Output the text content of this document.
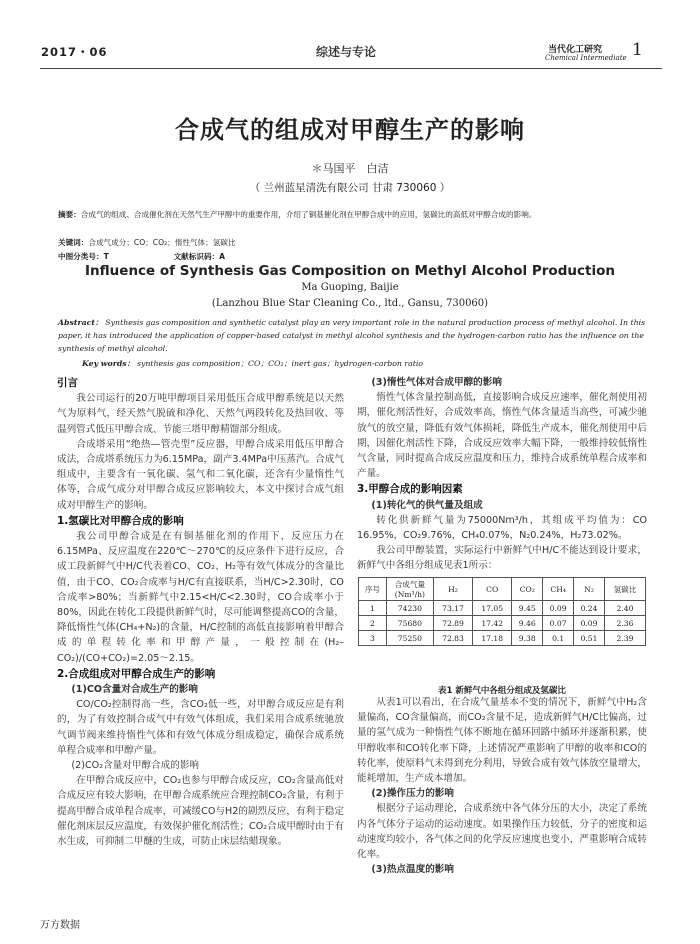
2017・06	综述与专论	当代化工研究
Chemical Intermediate 1
合成气的组成对甲醇生产的影响
＊马国平　白洁
（ 兰州蓝星清洗有限公司 甘肃 730060 ）
摘要：合成气的组成、合成催化剂在天然气生产甲醇中的重要作用，介绍了铜基催化剂在甲醇合成中的应用，氢碳比的高低对甲醇合成的影响。
关键词：合成气成分；CO；CO₂；惰性气体；氢碳比
中图分类号：T	文献标识码：A
Influence of Synthesis Gas Composition on Methyl Alcohol Production
Ma Guoping, Baijie
(Lanzhou Blue Star Cleaning Co., ltd., Gansu, 730060)
Abstract： Synthesis gas composition and synthetic catalyst play an very important role in the natural production process of methyl alcohol. In this paper, it has introduced the application of copper-based catalyst in methyl alcohol synthesis and the hydrogen-carbon ratio has the influence on the synthesis of methyl alcohol.
Key words： synthesis gas composition；CO；CO₂；inert gas；hydrogen-carbon ratio

引言

我公司运行的20万吨甲醇项目采用低压合成甲醇系统是以天然气为原料气，经天然气脱硫和净化、天然气两段转化及热回收、等温列管式低压甲醇合成、节能三塔甲醇精馏部分组成。

合成塔采用“绝热—管壳型”反应器，甲醇合成采用低压甲醇合成法，合成塔系统压力为6.15MPa，副产3.4MPa中压蒸汽。合成气组成中，主要含有一氧化碳、氢气和二氧化碳，还含有少量惰性气体等，合成气成分对甲醇合成反应影响较大，本文中探讨合成气组成对甲醇生产的影响。

1.氢碳比对甲醇合成的影响

我公司甲醇合成是在有铜基催化剂的作用下，反应压力在6.15MPa、反应温度在220℃～270℃的反应条件下进行反应，合成工段新鲜气中H/C代表着CO、CO₂、H₂等有效气体成分的含量比值，由于CO、CO₂合成率与H/C有直接联系，当H/C>2.30时，CO合成率>80%；当新鲜气中2.15<H/C<2.30时，CO合成率小于80%，因此在转化工段提供新鲜气时，尽可能调整提高CO的含量，降低惰性气体(CH₄+N₂)的含量，H/C控制的高低直接影响着甲醇合成的单程转化率和甲醇产量，一般控制在(H₂–CO₂)/(CO+CO₂)=2.05～2.15。

2.合成组成对甲醇合成生产的影响

(1)CO含量对合成生产的影响

CO/CO₂控制得高一些，含CO₂低一些，对甲醇合成反应是有利的，为了有效控制合成气中有效气体组成，我们采用合成系统驰放气调节阀来维持惰性气体和有效气体成分组成稳定，确保合成系统单程合成率和甲醇产量。

(2)CO₂含量对甲醇合成的影响

在甲醇合成反应中，CO₂也参与甲醇合成反应，CO₂含量高低对合成反应有较大影响，在甲醇合成系统应合理控制CO₂含量，有利于提高甲醇合成单程合成率，可减缓CO与H2的剧烈反应，有利于稳定催化剂床层反应温度，有效保护催化剂活性；CO₂合成甲醇时由于有水生成，可抑制二甲醚的生成，可防止床层结蜡现象。

(3)惰性气体对合成甲醇的影响

惰性气体含量控制高低，直接影响合成反应速率，催化剂使用初期，催化剂活性好，合成效率高，惰性气体含量适当高些，可减少驰放气的放空量，降低有效气体损耗，降低生产成本，催化剂使用中后期，因催化剂活性下降，合成反应效率大幅下降，一般维持较低惰性气含量，同时提高合成反应温度和压力，维持合成系统单程合成率和产量。

3.甲醇合成的影响因素

(1)转化气的供气量及组成

转化供新鲜气量为75000Nm³/h，其组成平均值为：CO 16.95%，CO₂9.76%，CH₄0.07%，N₂0.24%，H₂73.02%。

我公司甲醇装置，实际运行中新鲜气中H/C不能达到设计要求，新鲜气中各组分组成见表1所示：

序号	合成气量(Nm³/h)	H₂	CO	CO₂	CH₄	N₂	氢碳比
1	74230	73.17	17.05	9.45	0.09	0.24	2.40
2	75680	72.89	17.42	9.46	0.07	0.09	2.36
3	75250	72.83	17.18	9.38	0.1	0.51	2.39
表1 新鲜气中各组分组成及氢碳比

从表1可以看出，在合成气量基本不变的情况下，新鲜气中H₂含量偏高，CO含量偏高，而CO₂含量不足，造成新鲜气H/C比偏高，过量的氢气成为一种惰性气体不断地在循环回路中循环并逐渐积累，使甲醇收率和CO转化率下降，上述情况严重影响了甲醇的收率和CO的转化率，使原料气未得到充分利用，导致合成有效气体放空量增大，能耗增加，生产成本增加。

(2)操作压力的影响

根据分子运动理论，合成系统中各气体分压的大小，决定了系统内各气体分子运动的运动速度。如果操作压力较低，分子的密度和运动速度均较小，各气体之间的化学反应速度也变小，严重影响合成转化率。

(3)热点温度的影响

万方数据
